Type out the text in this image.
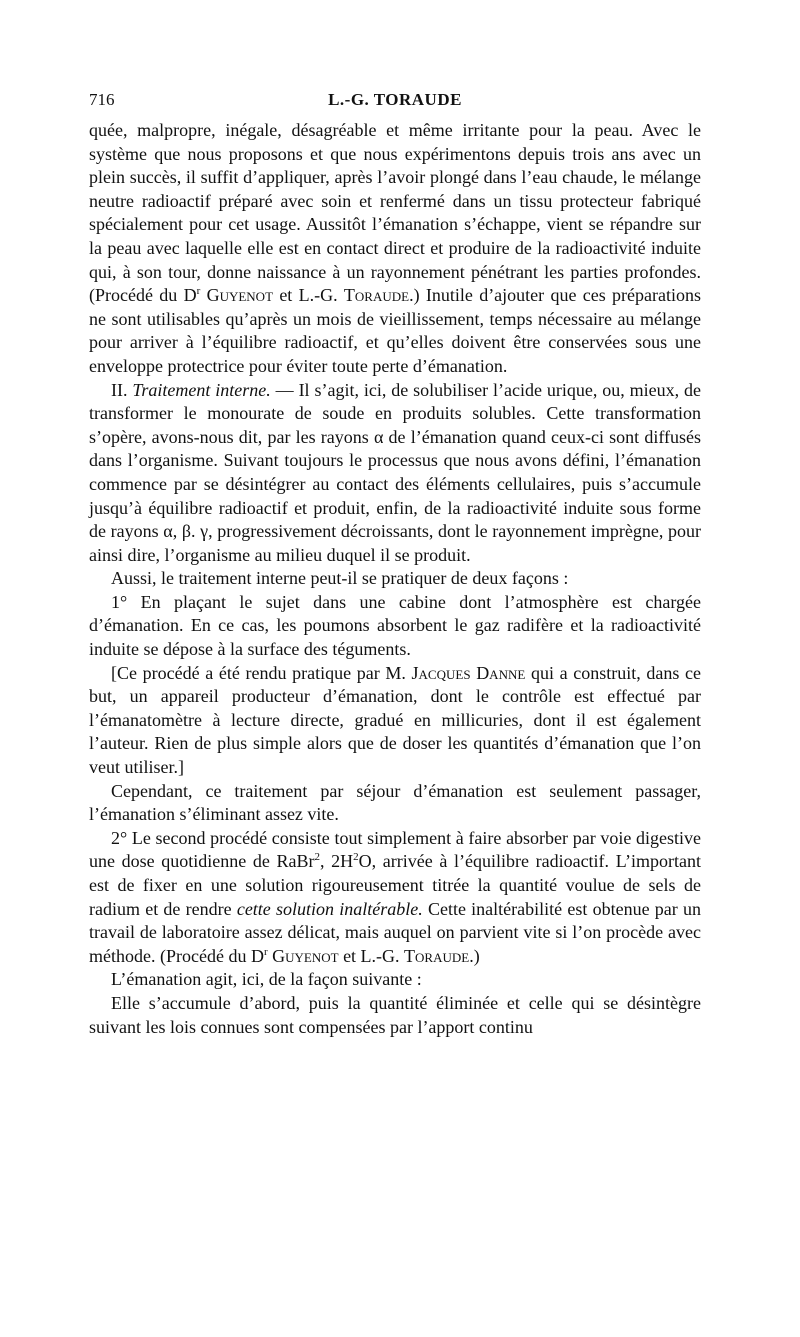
716	L.-G. TORAUDE

quée, malpropre, inégale, désagréable et même irritante pour la peau. Avec le système que nous proposons et que nous expérimentons depuis trois ans avec un plein succès, il suffit d’appliquer, après l’avoir plongé dans l’eau chaude, le mélange neutre radioactif préparé avec soin et renfermé dans un tissu protecteur fabriqué spécialement pour cet usage. Aussitôt l’émanation s’échappe, vient se répandre sur la peau avec laquelle elle est en contact direct et produire de la radioactivité induite qui, à son tour, donne naissance à un rayonnement pénétrant les parties profondes. (Procédé du $D^r$ Guyenot et L.-G. Toraude.) Inutile d’ajouter que ces préparations ne sont utilisables qu’après un mois de vieillissement, temps nécessaire au mélange pour arriver à l’équilibre radioactif, et qu’elles doivent être conservées sous une enveloppe protectrice pour éviter toute perte d’émanation.

II. Traitement interne. — Il s’agit, ici, de solubiliser l’acide urique, ou, mieux, de transformer le monourate de soude en produits solubles. Cette transformation s’opère, avons-nous dit, par les rayons α de l’émanation quand ceux-ci sont diffusés dans l’organisme. Suivant toujours le processus que nous avons défini, l’émanation commence par se désintégrer au contact des éléments cellulaires, puis s’accumule jusqu’à équilibre radioactif et produit, enfin, de la radioactivité induite sous forme de rayons α, β. γ, progressivement décroissants, dont le rayonnement imprègne, pour ainsi dire, l’organisme au milieu duquel il se produit.

Aussi, le traitement interne peut-il se pratiquer de deux façons :

1° En plaçant le sujet dans une cabine dont l’atmosphère est chargée d’émanation. En ce cas, les poumons absorbent le gaz radifère et la radioactivité induite se dépose à la surface des téguments.

[Ce procédé a été rendu pratique par M. Jacques Danne qui a construit, dans ce but, un appareil producteur d’émanation, dont le contrôle est effectué par l’émanatomètre à lecture directe, gradué en millicuries, dont il est également l’auteur. Rien de plus simple alors que de doser les quantités d’émanation que l’on veut utiliser.]

Cependant, ce traitement par séjour d’émanation est seulement passager, l’émanation s’éliminant assez vite.

2° Le second procédé consiste tout simplement à faire absorber par voie digestive une dose quotidienne de RaBr$^2$, $2H^2O$, arrivée à l’équilibre radioactif. L’important est de fixer en une solution rigoureusement titrée la quantité voulue de sels de radium et de rendre cette solution inaltérable. Cette inaltérabilité est obtenue par un travail de laboratoire assez délicat, mais auquel on parvient vite si l’on procède avec méthode. (Procédé du $D^r$ Guyenot et L.-G. Toraude.)

L’émanation agit, ici, de la façon suivante :

Elle s’accumule d’abord, puis la quantité éliminée et celle qui se désintègre suivant les lois connues sont compensées par l’apport continu
